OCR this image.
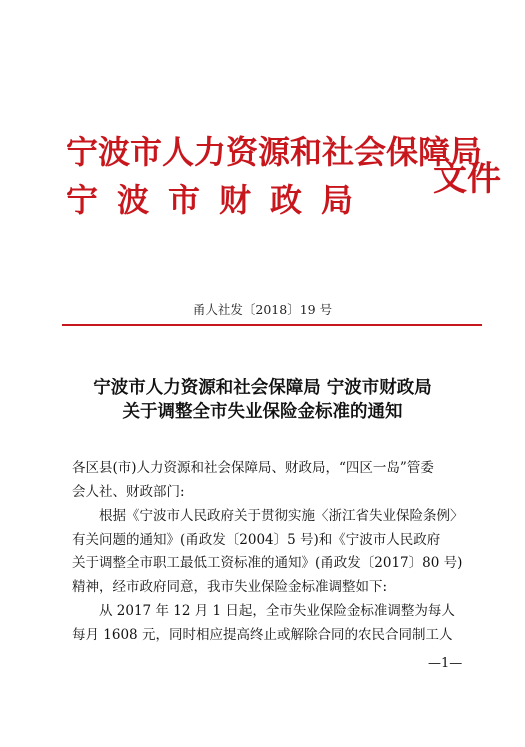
宁波市人力资源和社会保障局
宁波市财政局
文件
甬人社发〔2018〕19 号
宁波市人力资源和社会保障局 宁波市财政局
关于调整全市失业保险金标准的通知
各区县(市)人力资源和社会保障局、财政局，“四区一岛”管委
会人社、财政部门:
根据《宁波市人民政府关于贯彻实施〈浙江省失业保险条例〉
有关问题的通知》(甬政发〔2004〕5 号)和《宁波市人民政府
关于调整全市职工最低工资标准的通知》(甬政发〔2017〕80 号)
精神，经市政府同意，我市失业保险金标准调整如下:
从 2017 年 12 月 1 日起，全市失业保险金标准调整为每人
每月 1608 元，同时相应提高终止或解除合同的农民合同制工人
—1—
